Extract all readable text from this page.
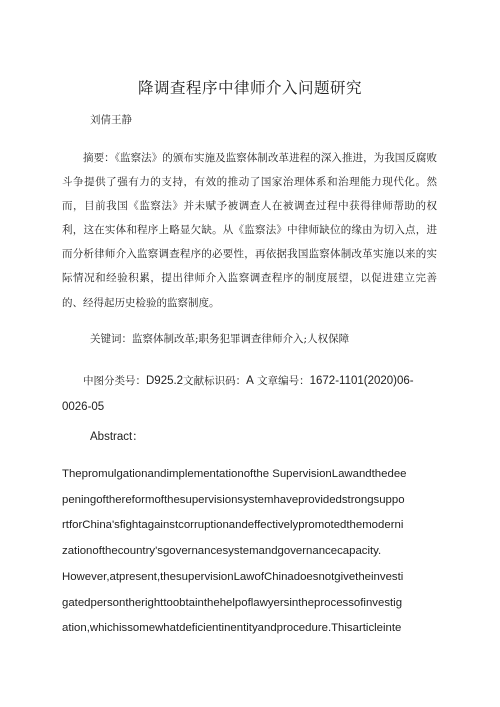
降调查程序中律师介入问题研究
刘倩王静

摘要：《监察法》的颁布实施及监察体制改革进程的深入推进，为我国反腐败斗争提供了强有力的支持，有效的推动了国家治理体系和治理能力现代化。然而，目前我国《监察法》并未赋予被调查人在被调查过程中获得律师帮助的权利，这在实体和程序上略显欠缺。从《监察法》中律师缺位的缘由为切入点，进而分析律师介入监察调查程序的必要性，再依据我国监察体制改革实施以来的实际情况和经验积累，提出律师介入监察调查程序的制度展望，以促进建立完善的、经得起历史检验的监察制度。

关键词：监察体制改革;职务犯罪调查律师介入;人权保障

中图分类号：D925.2文献标识码：A 文章编号：1672-1101(2020)06-0026-05

Abstract：
Thepromulgationandimplementationofthe SupervisionLawandthedee
peningofthereformofthesupervisionsystemhaveprovidedstrongsuppo
rtforChina'sfightagainstcorruptionandeffectivelypromotedthemoderni
zationofthecountry'sgovernancesystemandgovernancecapacity.
However,atpresent,thesupervisionLawofChinadoesnotgivetheinvesti
gatedpersontherighttoobtainthehelpoflawyersintheprocessofinvestig
ation,whichissomewhatdeficientinentityandprocedure.Thisarticleinte
